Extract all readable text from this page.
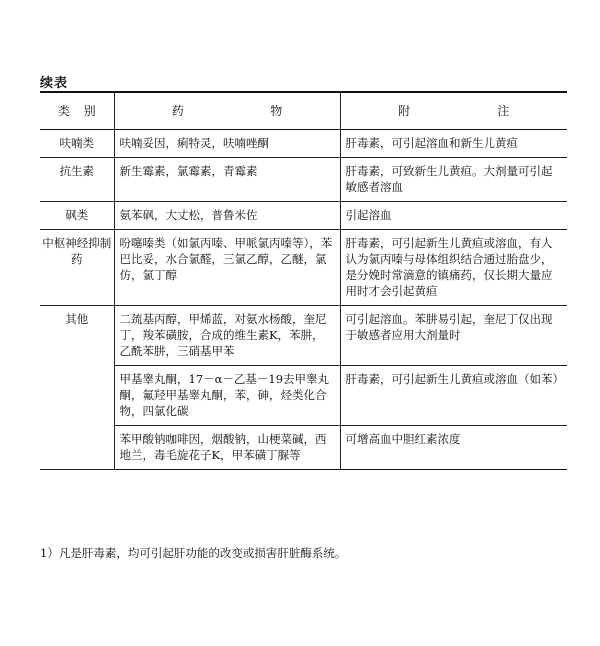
续表
类 别	药 物	附 注

呋喃类	呋喃妥因，痢特灵，呋喃唑酮	肝毒素，可引起溶血和新生儿黄疸
抗生素	新生霉素，氯霉素，青霉素	肝毒素，可致新生儿黄疸。大剂量可引起敏感者溶血
砜类	氨苯砜，大丈松，普鲁米佐	引起溶血
中枢神经抑制药	吩噻嗪类（如氯丙嗪、甲哌氯丙嗪等），苯巴比妥，水合氯醛，三氯乙醇，乙醚，氯仿，氯丁醇	肝毒素，可引起新生儿黄疸或溶血，有人认为氯丙嗪与母体组织结合通过胎盘少，是分娩时常滴意的镇痛药，仅长期大量应用时才会引起黄疸
其他	二巯基丙醇，甲烯蓝，对氨水杨酸，奎尼丁，羧苯磺胺，合成的维生素K，苯肼，乙酰苯肼，三硝基甲苯	可引起溶血。苯肼易引起，奎尼丁仅出现于敏感者应用大剂量时
	甲基睾丸酮，17－α－乙基－19去甲睾丸酮，氟羟甲基睾丸酮，苯，砷，烃类化合物，四氯化碳	肝毒素，可引起新生儿黄疸或溶血（如苯）
	苯甲酸钠咖啡因，烟酸钠，山梗菜碱，西地兰，毒毛旋花子K，甲苯磺丁脲等	可增高血中胆红素浓度
1）凡是肝毒素，均可引起肝功能的改变或损害肝脏酶系统。
